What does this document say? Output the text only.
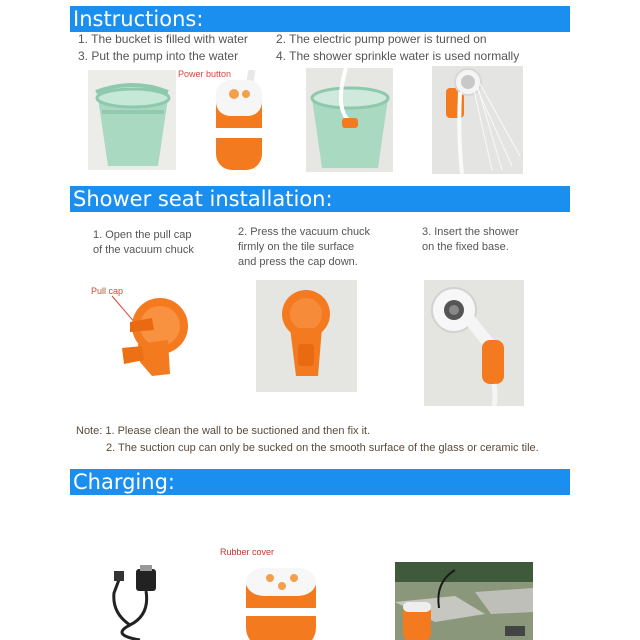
Instructions:
1. The bucket is filled with water 2. The electric pump power is turned on
3. Put the pump into the water	4. The shower sprinkle water is used normally
Power button
Shower seat installation:
1. Open the pull cap
of the vacuum chuck
2. Press the vacuum chuck
firmly on the tile surface
and press the cap down.
3. Insert the shower
on the fixed base.
Pull cap
Note: 1. Please clean the wall to be suctioned and then fix it.
2. The suction cup can only be sucked on the smooth surface of the glass or ceramic tile.
Charging:
Rubber cover
